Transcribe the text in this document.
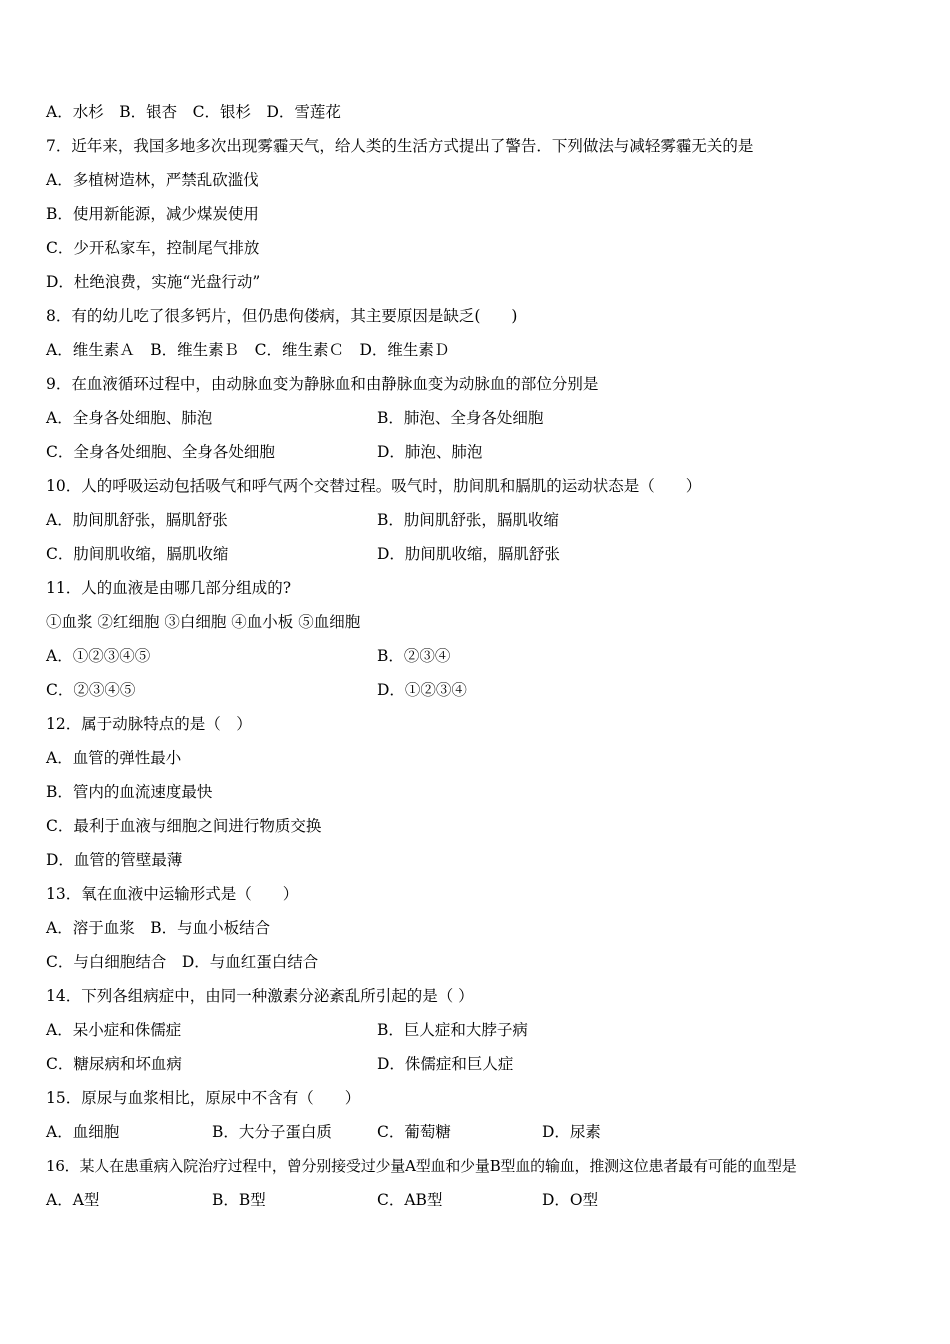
A．水杉　B．银杏　C．银杉　D．雪莲花
7．近年来，我国多地多次出现雾霾天气，给人类的生活方式提出了警告．下列做法与减轻雾霾无关的是
A．多植树造林，严禁乱砍滥伐
B．使用新能源，减少煤炭使用
C．少开私家车，控制尾气排放
D．杜绝浪费，实施“光盘行动”
8．有的幼儿吃了很多钙片，但仍患佝偻病，其主要原因是缺乏(　　)
A．维生素Ａ　B．维生素Ｂ　C．维生素Ｃ　D．维生素Ｄ
9．在血液循环过程中，由动脉血变为静脉血和由静脉血变为动脉血的部位分别是
A．全身各处细胞、肺泡	B．肺泡、全身各处细胞
C．全身各处细胞、全身各处细胞	D．肺泡、肺泡
10．人的呼吸运动包括吸气和呼气两个交替过程。吸气时，肋间肌和膈肌的运动状态是（　　）
A．肋间肌舒张，膈肌舒张	B．肋间肌舒张，膈肌收缩
C．肋间肌收缩，膈肌收缩	D．肋间肌收缩，膈肌舒张
11．人的血液是由哪几部分组成的?
①血浆 ②红细胞 ③白细胞 ④血小板 ⑤血细胞
A．①②③④⑤	B．②③④
C．②③④⑤	D．①②③④
12．属于动脉特点的是（　）
A．血管的弹性最小
B．管内的血流速度最快
C．最利于血液与细胞之间进行物质交换
D．血管的管壁最薄
13．氧在血液中运输形式是（　　）
A．溶于血浆　B．与血小板结合
C．与白细胞结合　D．与血红蛋白结合
14．下列各组病症中，由同一种激素分泌紊乱所引起的是（ ）
A．呆小症和侏儒症	B．巨人症和大脖子病
C．糖尿病和坏血病	D．侏儒症和巨人症
15．原尿与血浆相比，原尿中不含有（　　）
A．血细胞	B．大分子蛋白质	C．葡萄糖	D．尿素
16．某人在患重病入院治疗过程中，曾分别接受过少量A型血和少量B型血的输血，推测这位患者最有可能的血型是
A．A型	B．B型	C．AB型	D．O型
